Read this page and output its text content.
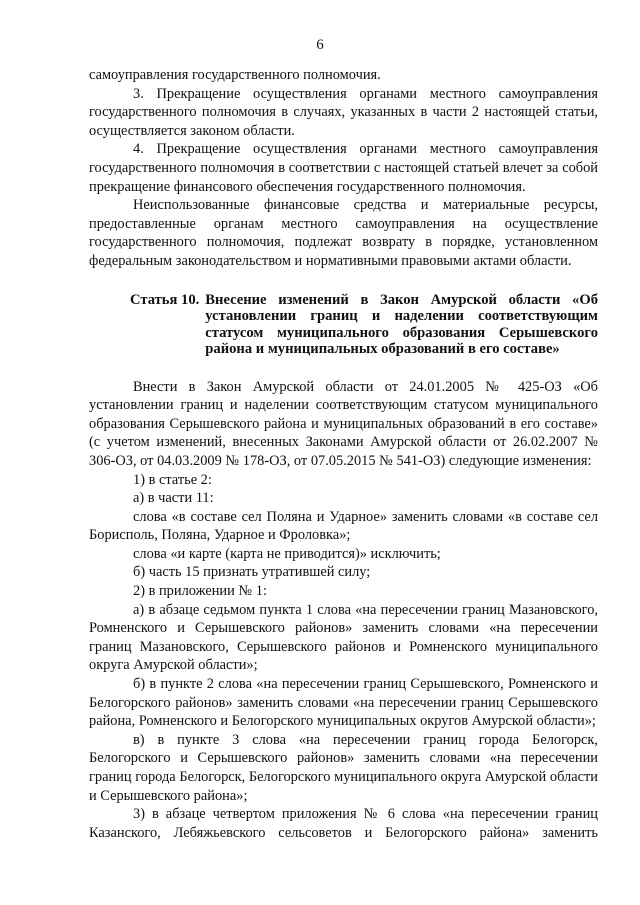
6

самоуправления государственного полномочия.

3. Прекращение осуществления органами местного самоуправления государственного полномочия в случаях, указанных в части 2 настоящей статьи, осуществляется законом области.

4. Прекращение осуществления органами местного самоуправления государственного полномочия в соответствии с настоящей статьей влечет за собой прекращение финансового обеспечения государственного полномочия.

Неиспользованные финансовые средства и материальные ресурсы, предоставленные органам местного самоуправления на осуществление государственного полномочия, подлежат возврату в порядке, установленном федеральным законодательством и нормативными правовыми актами области.

Статья 10. Внесение изменений в Закон Амурской области «Об установлении границ и наделении соответствующим статусом муниципального образования Серышевского района и муниципальных образований в его составе»

Внести в Закон Амурской области от 24.01.2005 № 425-ОЗ «Об установлении границ и наделении соответствующим статусом муниципального образования Серышевского района и муниципальных образований в его составе» (с учетом изменений, внесенных Законами Амурской области от 26.02.2007 № 306-ОЗ, от 04.03.2009 № 178-ОЗ, от 07.05.2015 № 541-ОЗ) следующие изменения:

1) в статье 2:

а) в части 11:

слова «в составе сел Поляна и Ударное» заменить словами «в составе сел Борисполь, Поляна, Ударное и Фроловка»;

слова «и карте (карта не приводится)» исключить;

б) часть 15 признать утратившей силу;

2) в приложении № 1:

а) в абзаце седьмом пункта 1 слова «на пересечении границ Мазановского, Ромненского и Серышевского районов» заменить словами «на пересечении границ Мазановского, Серышевского районов и Ромненского муниципального округа Амурской области»;

б) в пункте 2 слова «на пересечении границ Серышевского, Ромненского и Белогорского районов» заменить словами «на пересечении границ Серышевского района, Ромненского и Белогорского муниципальных округов Амурской области»;

в) в пункте 3 слова «на пересечении границ города Белогорск, Белогорского и Серышевского районов» заменить словами «на пересечении границ города Белогорск, Белогорского муниципального округа Амурской области и Серышевского района»;

3) в абзаце четвертом приложения № 6 слова «на пересечении границ Казанского, Лебяжьевского сельсоветов и Белогорского района» заменить
